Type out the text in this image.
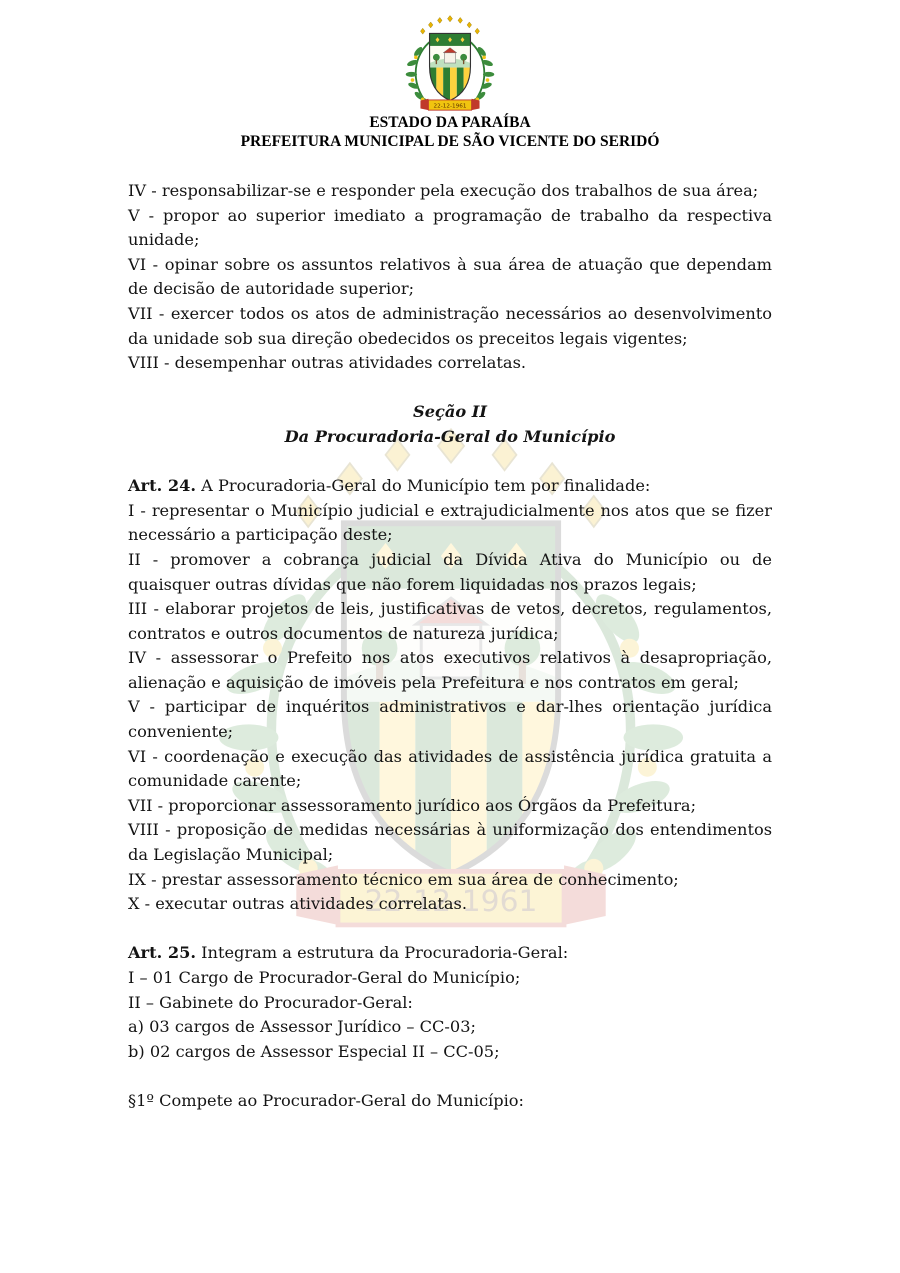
ESTADO DA PARAÍBA
PREFEITURA MUNICIPAL DE SÃO VICENTE DO SERIDÓ

IV - responsabilizar-se e responder pela execução dos trabalhos de sua área;

V - propor ao superior imediato a programação de trabalho da respectiva unidade;

VI - opinar sobre os assuntos relativos à sua área de atuação que dependam de decisão de autoridade superior;

VII - exercer todos os atos de administração necessários ao desenvolvimento da unidade sob sua direção obedecidos os preceitos legais vigentes;

VIII - desempenhar outras atividades correlatas.

Seção II

Da Procuradoria-Geral do Município

Art. 24. A Procuradoria-Geral do Município tem por finalidade:

I - representar o Município judicial e extrajudicialmente nos atos que se fizer necessário a participação deste;

II - promover a cobrança judicial da Dívida Ativa do Município ou de quaisquer outras dívidas que não forem liquidadas nos prazos legais;

III - elaborar projetos de leis, justificativas de vetos, decretos, regulamentos, contratos e outros documentos de natureza jurídica;

IV - assessorar o Prefeito nos atos executivos relativos à desapropriação, alienação e aquisição de imóveis pela Prefeitura e nos contratos em geral;

V - participar de inquéritos administrativos e dar-lhes orientação jurídica conveniente;

VI - coordenação e execução das atividades de assistência jurídica gratuita a comunidade carente;

VII - proporcionar assessoramento jurídico aos Órgãos da Prefeitura;

VIII - proposição de medidas necessárias à uniformização dos entendimentos da Legislação Municipal;

IX - prestar assessoramento técnico em sua área de conhecimento;

X - executar outras atividades correlatas.

Art. 25. Integram a estrutura da Procuradoria-Geral:

I – 01 Cargo de Procurador-Geral do Município;

II – Gabinete do Procurador-Geral:

a) 03 cargos de Assessor Jurídico – CC-03;

b) 02 cargos de Assessor Especial II – CC-05;

§1º Compete ao Procurador-Geral do Município:
